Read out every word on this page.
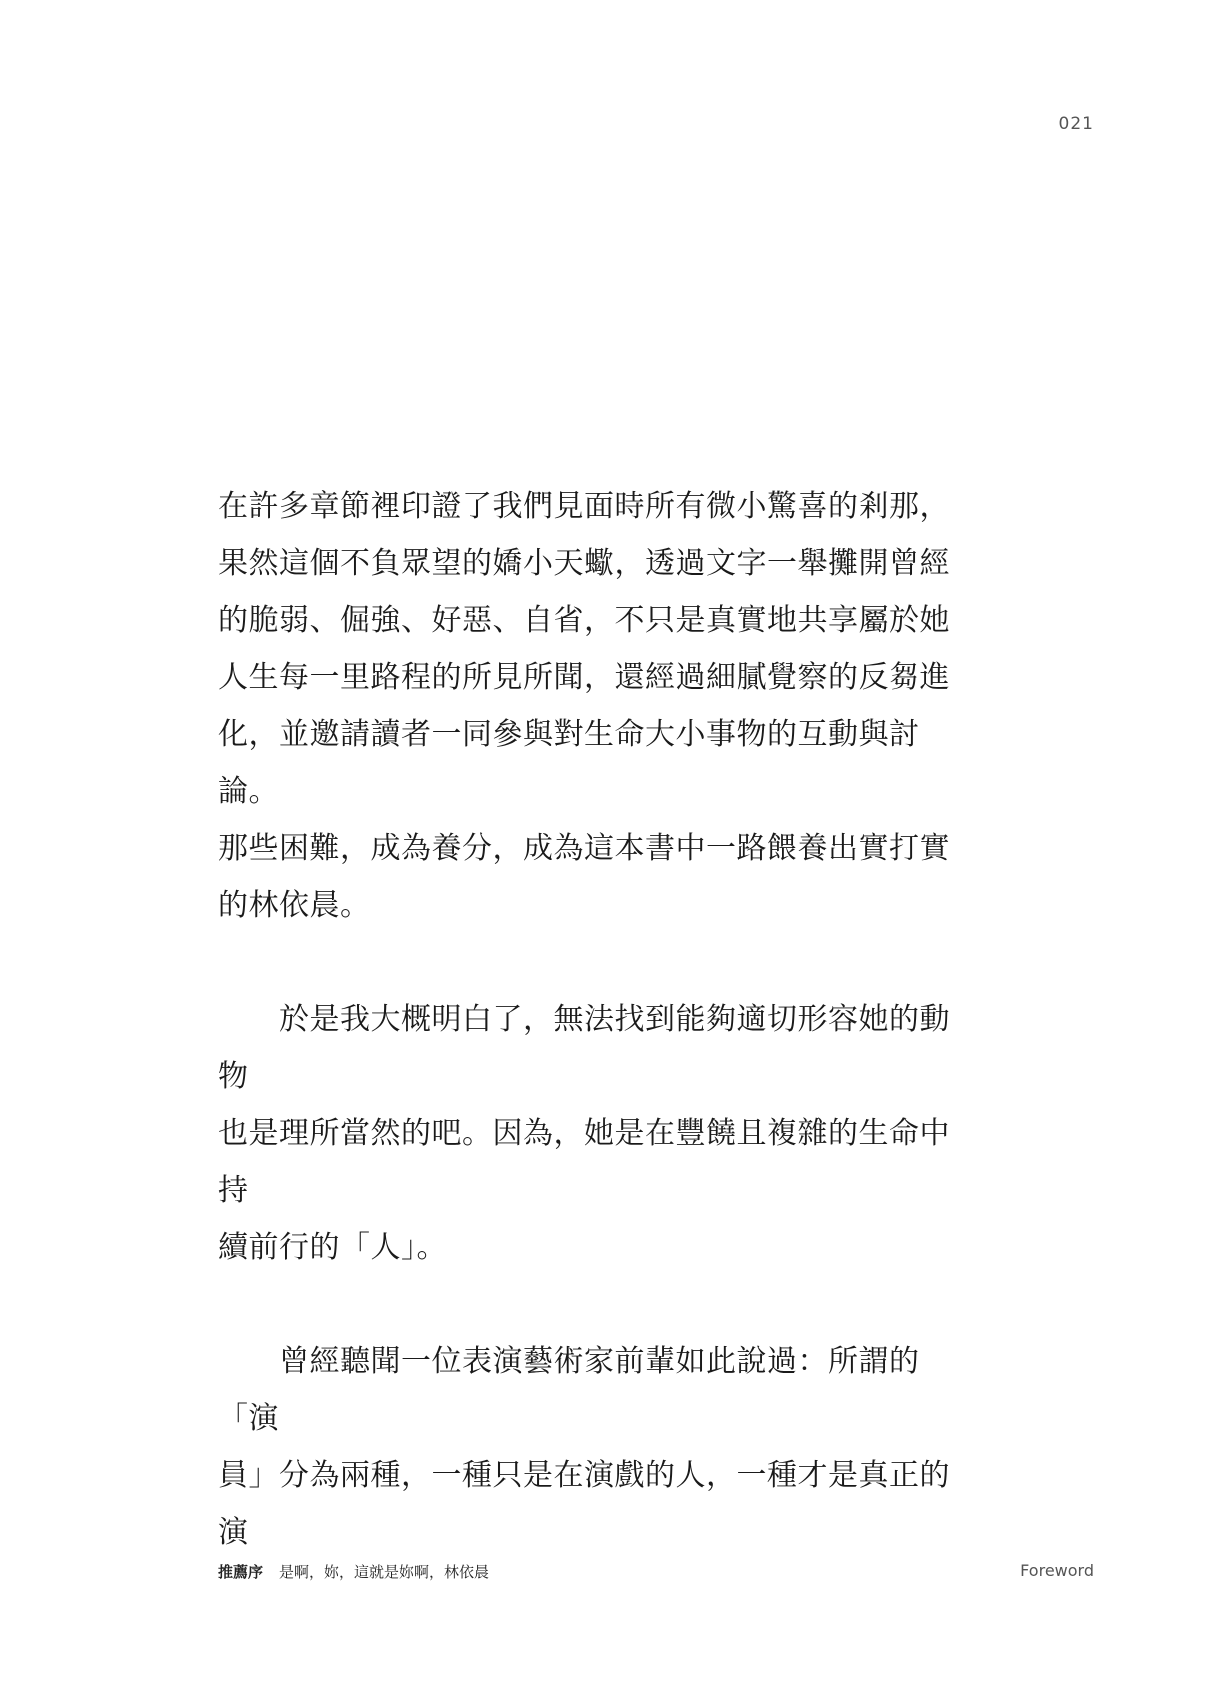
021
在許多章節裡印證了我們見面時所有微小驚喜的剎那，
果然這個不負眾望的嬌小天蠍，透過文字一舉攤開曾經
的脆弱、倔強、好惡、自省，不只是真實地共享屬於她
人生每一里路程的所見所聞，還經過細膩覺察的反芻進
化，並邀請讀者一同參與對生命大小事物的互動與討論。
那些困難，成為養分，成為這本書中一路餵養出實打實
的林依晨。
　　於是我大概明白了，無法找到能夠適切形容她的動物
也是理所當然的吧。因為，她是在豐饒且複雜的生命中持
續前行的「人」。
　　曾經聽聞一位表演藝術家前輩如此說過：所謂的「演
員」分為兩種，一種只是在演戲的人，一種才是真正的演
推薦序 是啊，妳，這就是妳啊，林依晨	Foreword
